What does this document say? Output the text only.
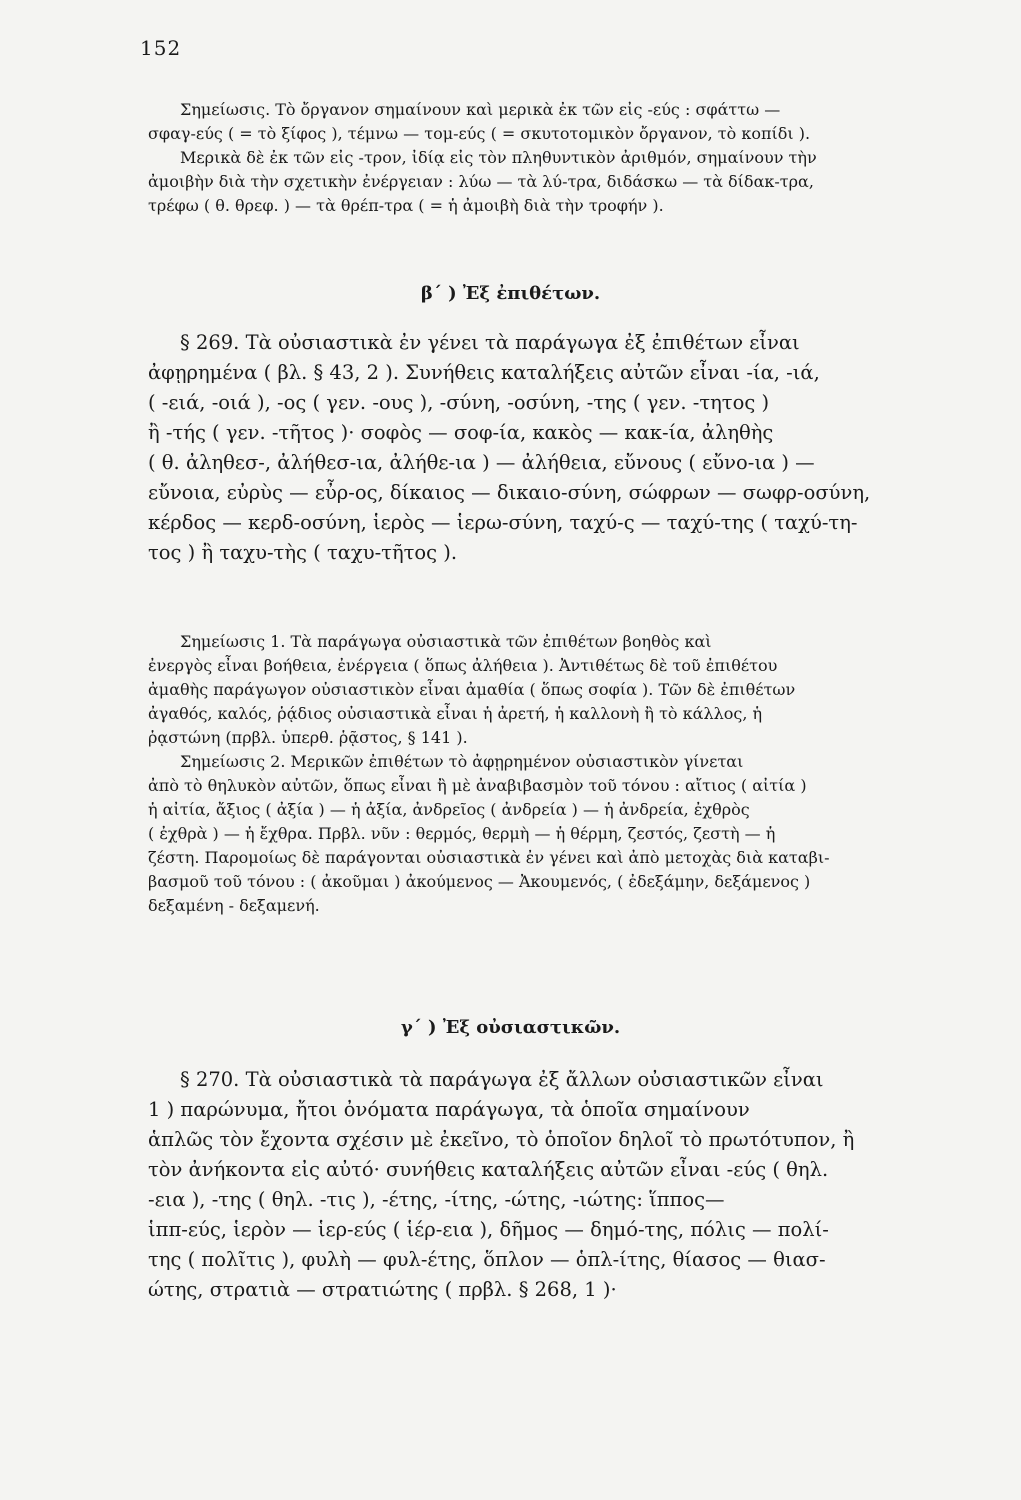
152
Σημείωσις. Τὸ ὄργανον σημαίνουν καὶ μερικὰ ἐκ τῶν εἰς -εύς : σφάττω —
σφαγ-εύς ( = τὸ ξίφος ), τέμνω — τομ-εύς ( = σκυτοτομικὸν ὄργανον, τὸ κοπίδι ).
Μερικὰ δὲ ἐκ τῶν εἰς -τρον, ἰδίᾳ εἰς τὸν πληθυντικὸν ἀριθμόν, σημαίνουν τὴν
ἀμοιβὴν διὰ τὴν σχετικὴν ἐνέργειαν : λύω — τὰ λύ-τρα, διδάσκω — τὰ δίδακ-τρα,
τρέφω ( θ. θρεφ. ) — τὰ θρέπ-τρα ( = ἡ ἀμοιβὴ διὰ τὴν τροφήν ).
β΄ ) Ἐξ ἐπιθέτων.
§ 269. Τὰ οὐσιαστικὰ ἐν γένει τὰ παράγωγα ἐξ ἐπιθέτων εἶναι
ἀφῃρημένα ( βλ. § 43, 2 ). Συνήθεις καταλήξεις αὐτῶν εἶναι -ία, -ιά,
( -ειά, -οιά ), -ος ( γεν. -ους ), -σύνη, -οσύνη, -της ( γεν. -τητος )
ἢ -τής ( γεν. -τῆτος )· σοφὸς — σοφ-ία, κακὸς — κακ-ία, ἀληθὴς
( θ. ἀληθεσ-, ἀλήθεσ-ια, ἀλήθε-ια ) — ἀλήθεια, εὔνους ( εὔνο-ια ) —
εὔνοια, εὐρὺς — εὖρ-ος, δίκαιος — δικαιο-σύνη, σώφρων — σωφρ-οσύνη,
κέρδος — κερδ-οσύνη, ἱερὸς — ἱερω-σύνη, ταχύ-ς — ταχύ-της ( ταχύ-τη-
τος ) ἢ ταχυ-τὴς ( ταχυ-τῆτος ).
Σημείωσις 1. Τὰ παράγωγα οὐσιαστικὰ τῶν ἐπιθέτων βοηθὸς καὶ
ἐνεργὸς εἶναι βοήθεια, ἐνέργεια ( ὅπως ἀλήθεια ). Ἀντιθέτως δὲ τοῦ ἐπιθέτου
ἀμαθὴς παράγωγον οὐσιαστικὸν εἶναι ἀμαθία ( ὅπως σοφία ). Τῶν δὲ ἐπιθέτων
ἀγαθός, καλός, ῥᾴδιος οὐσιαστικὰ εἶναι ἡ ἀρετή, ἡ καλλονὴ ἢ τὸ κάλλος, ἡ
ῥᾳστώνη (πρβλ. ὑπερθ. ῥᾷστος, § 141 ).
Σημείωσις 2. Μερικῶν ἐπιθέτων τὸ ἀφῃρημένον οὐσιαστικὸν γίνεται
ἀπὸ τὸ θηλυκὸν αὐτῶν, ὅπως εἶναι ἢ μὲ ἀναβιβασμὸν τοῦ τόνου : αἴτιος ( αἰτία )
ἡ αἰτία, ἄξιος ( ἀξία ) — ἡ ἀξία, ἀνδρεῖος ( ἀνδρεία ) — ἡ ἀνδρεία, ἐχθρὸς
( ἐχθρὰ ) — ἡ ἔχθρα. Πρβλ. νῦν : θερμός, θερμὴ — ἡ θέρμη, ζεστός, ζεστὴ — ἡ
ζέστη. Παρομοίως δὲ παράγονται οὐσιαστικὰ ἐν γένει καὶ ἀπὸ μετοχὰς διὰ καταβι-
βασμοῦ τοῦ τόνου : ( ἀκοῦμαι ) ἀκούμενος — Ἀκουμενός, ( ἐδεξάμην, δεξάμενος )
δεξαμένη - δεξαμενή.
γ΄ ) Ἐξ οὐσιαστικῶν.
§ 270. Τὰ οὐσιαστικὰ τὰ παράγωγα ἐξ ἄλλων οὐσιαστικῶν εἶναι
1 ) παρώνυμα, ἤτοι ὀνόματα παράγωγα, τὰ ὁποῖα σημαίνουν
ἁπλῶς τὸν ἔχοντα σχέσιν μὲ ἐκεῖνο, τὸ ὁποῖον δηλοῖ τὸ πρωτότυπον, ἢ
τὸν ἀνήκοντα εἰς αὐτό· συνήθεις καταλήξεις αὐτῶν εἶναι -εύς ( θηλ.
-εια ), -της ( θηλ. -τις ), -έτης, -ίτης, -ώτης, -ιώτης: ἵππος—
ἱππ-εύς, ἱερὸν — ἱερ-εύς ( ἱέρ-εια ), δῆμος — δημό-της, πόλις — πολί-
της ( πολῖτις ), φυλὴ — φυλ-έτης, ὅπλον — ὁπλ-ίτης, θίασος — θιασ-
ώτης, στρατιὰ — στρατιώτης ( πρβλ. § 268, 1 )·
